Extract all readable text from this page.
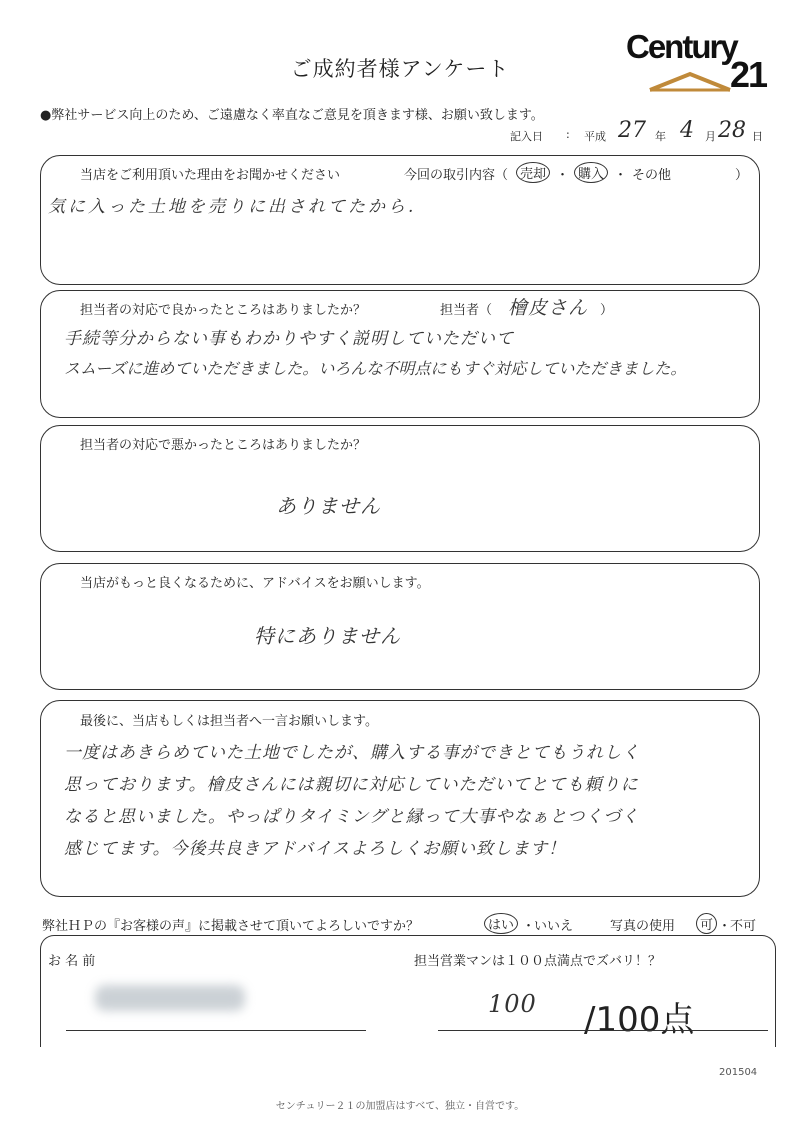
ご成約者様アンケート
Century
21
●弊社サービス向上のため、ご遠慮なく率直なご意見を頂きます様、お願い致します。
記入日 : 平成 27 年 4 月 28 日
当店をご利用頂いた理由をお聞かせください	今回の取引内容（ 売却 ・ 購入 ・ その他	）
気に入った土地を売りに出されてたから.
担当者の対応で良かったところはありましたか？	担当者（ 檜皮さん ）
手続等分からない事もわかりやすく説明していただいて
スムーズに進めていただきました。いろんな不明点にもすぐ対応していただきました。
担当者の対応で悪かったところはありましたか？
ありません
当店がもっと良くなるために、アドバイスをお願いします。
特にありません
最後に、当店もしくは担当者へ一言お願いします。
一度はあきらめていた土地でしたが、購入する事ができとてもうれしく
思っております。檜皮さんには親切に対応していただいてとても頼りに
なると思いました。やっぱりタイミングと縁って大事やなぁとつくづく
感じてます。今後共良きアドバイスよろしくお願い致します！
弊社ＨＰの『お客様の声』に掲載させて頂いてよろしいですか？	はい ・
いいえ	写真の使用	可 ・
不可
お 名 前	担当営業マンは１００点満点でズバリ！？
100 /100点
201504
センチュリー２１の加盟店はすべて、独立・自営です。
